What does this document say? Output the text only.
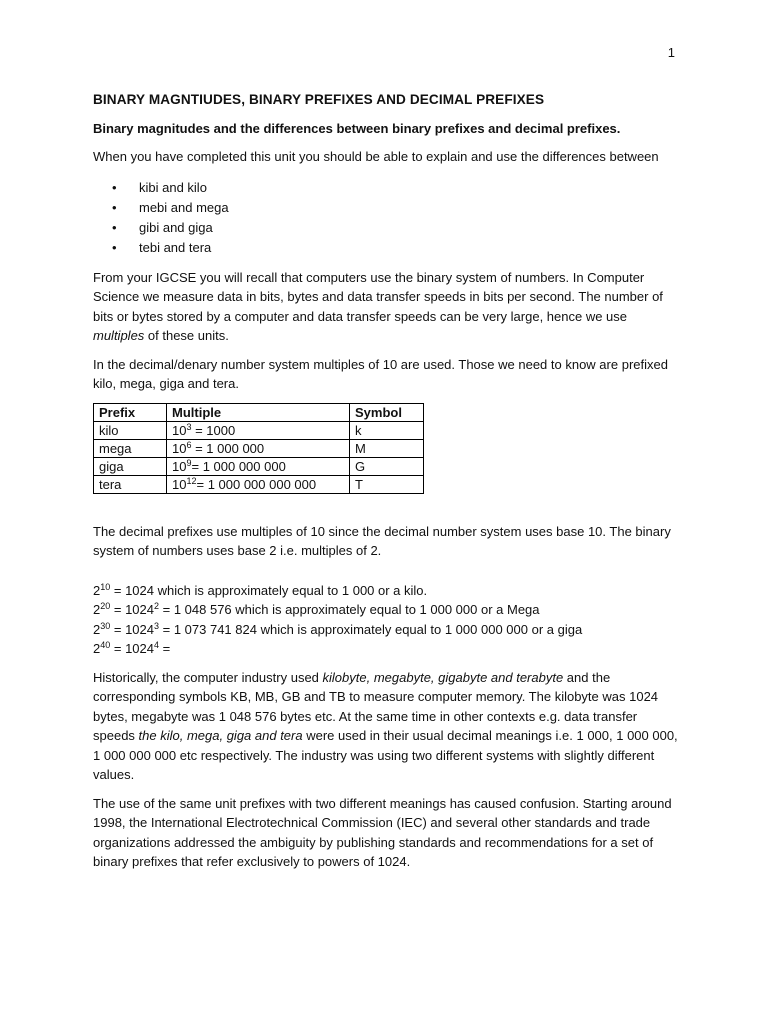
1
BINARY MAGNTIUDES, BINARY PREFIXES AND DECIMAL PREFIXES

Binary magnitudes and the differences between binary prefixes and decimal prefixes.

When you have completed this unit you should be able to explain and use the differences between

• kibi and kilo
• mebi and mega
• gibi and giga
• tebi and tera

From your IGCSE you will recall that computers use the binary system of numbers. In Computer Science we measure data in bits, bytes and data transfer speeds in bits per second. The number of bits or bytes stored by a computer and data transfer speeds can be very large, hence we use multiples of these units.

In the decimal/denary number system multiples of 10 are used. Those we need to know are prefixed kilo, mega, giga and tera.

Prefix	Multiple	Symbol
kilo	$10^3 = 1000$	k
mega	$10^6 = 1$ 000 000	M
giga	$10^9= 1$ 000 000 000	G
tera	$10^{12}= 1$ 000 000 000 000	T

The decimal prefixes use multiples of 10 since the decimal number system uses base 10. The binary system of numbers uses base 2 i.e. multiples of 2.

$2^{10} = 1024$ which is approximately equal to 1 000 or a kilo.
$2^{20} = 1024^2 = 1$ 048 576 which is approximately equal to 1 000 000 or a Mega
$2^{30} = 1024^3 = 1$ 073 741 824 which is approximately equal to 1 000 000 000 or a giga
$2^{40} = 1024^4$ =

Historically, the computer industry used kilobyte, megabyte, gigabyte and terabyte and the corresponding symbols KB, MB, GB and TB to measure computer memory. The kilobyte was 1024 bytes, megabyte was 1 048 576 bytes etc. At the same time in other contexts e.g. data transfer speeds the kilo, mega, giga and tera were used in their usual decimal meanings i.e. 1 000, 1 000 000, 1 000 000 000 etc respectively. The industry was using two different systems with slightly different values.

The use of the same unit prefixes with two different meanings has caused confusion. Starting around 1998, the International Electrotechnical Commission (IEC) and several other standards and trade organizations addressed the ambiguity by publishing standards and recommendations for a set of binary prefixes that refer exclusively to powers of 1024.
